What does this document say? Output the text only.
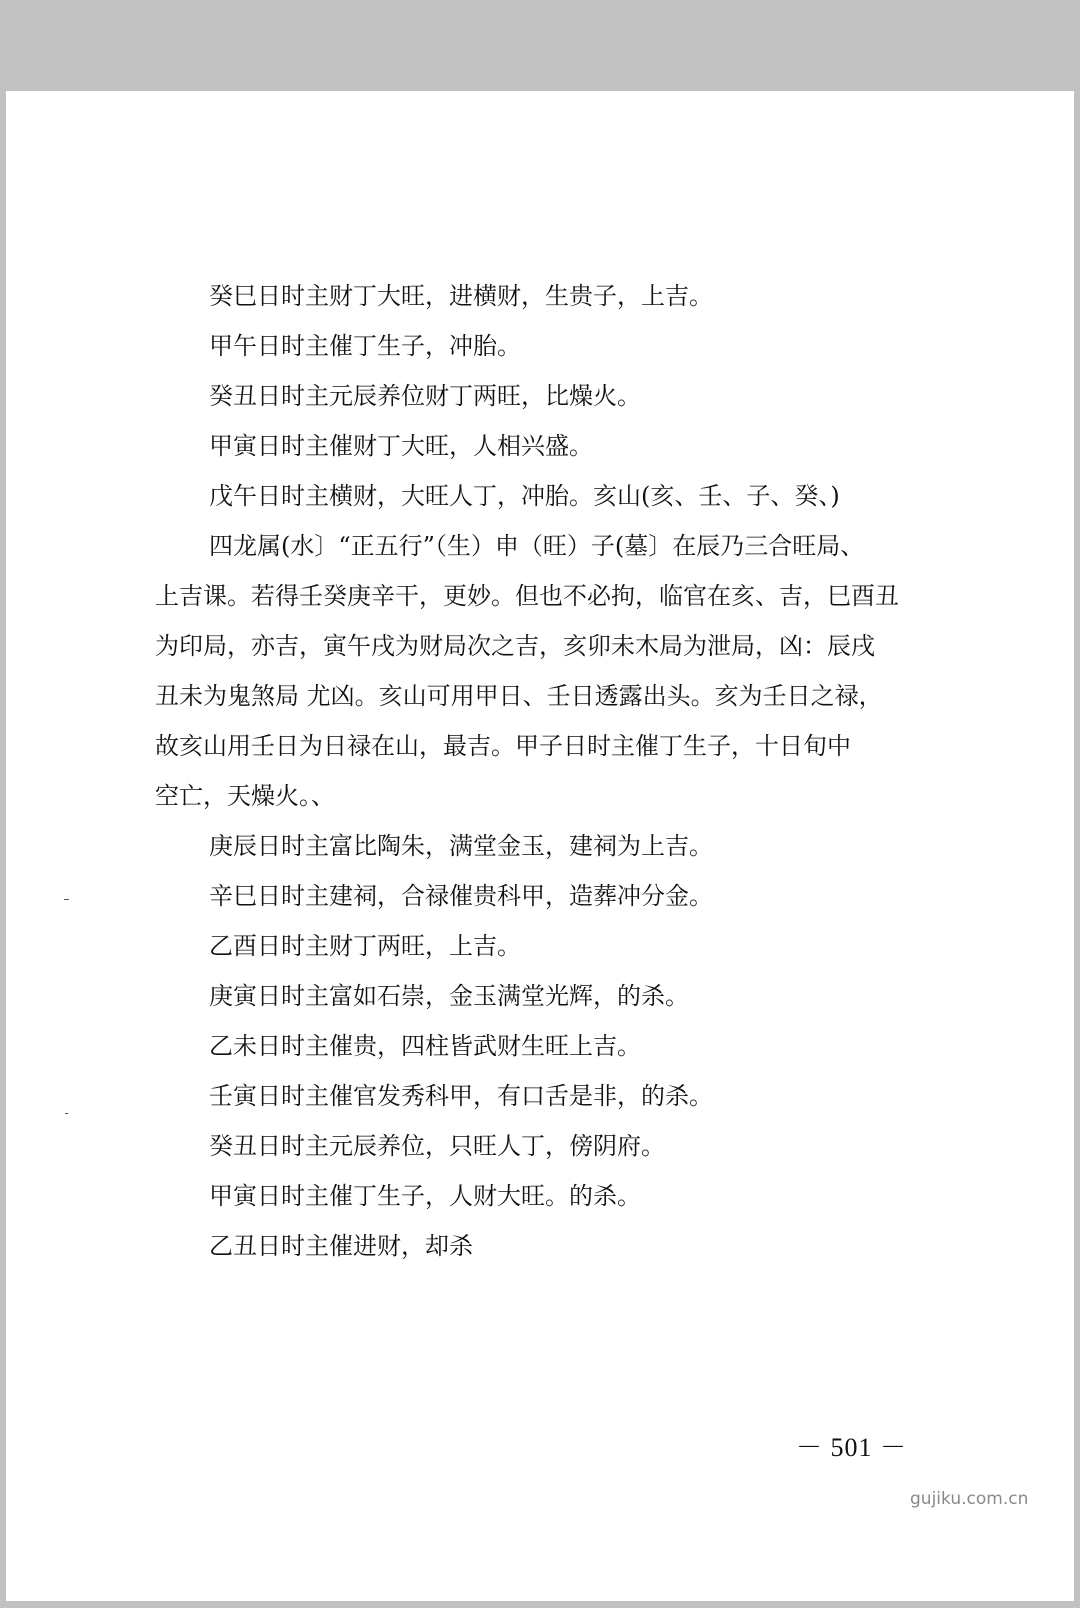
癸巳日时主财丁大旺，进横财，生贵子，上吉。
甲午日时主催丁生子，冲胎。
癸丑日时主元辰养位财丁两旺，比燥火。
甲寅日时主催财丁大旺，人相兴盛。
戊午日时主横财，大旺人丁，冲胎。亥山(亥、壬、子、癸、)
四龙属(水〕“正五行”（生）申（旺）子(墓〕在辰乃三合旺局、
上吉课。若得壬癸庚辛干，更妙。但也不必拘，临官在亥、吉，巳酉丑
为印局，亦吉，寅午戌为财局次之吉，亥卯未木局为泄局，凶：辰戌
丑未为鬼煞局 尤凶。亥山可用甲日、壬日透露出头。亥为壬日之禄，
故亥山用壬日为日禄在山，最吉。甲子日时主催丁生子，十日旬中
空亡，天燥火。、
庚辰日时主富比陶朱，满堂金玉，建祠为上吉。
辛巳日时主建祠，合禄催贵科甲，造葬冲分金。
乙酉日时主财丁两旺，上吉。
庚寅日时主富如石崇，金玉满堂光辉，的杀。
乙未日时主催贵，四柱皆武财生旺上吉。
壬寅日时主催官发秀科甲，有口舌是非，的杀。
癸丑日时主元辰养位，只旺人丁，傍阴府。
甲寅日时主催丁生子，人财大旺。的杀。
乙丑日时主催进财，却杀
－ 501 －
gujiku.com.cn
